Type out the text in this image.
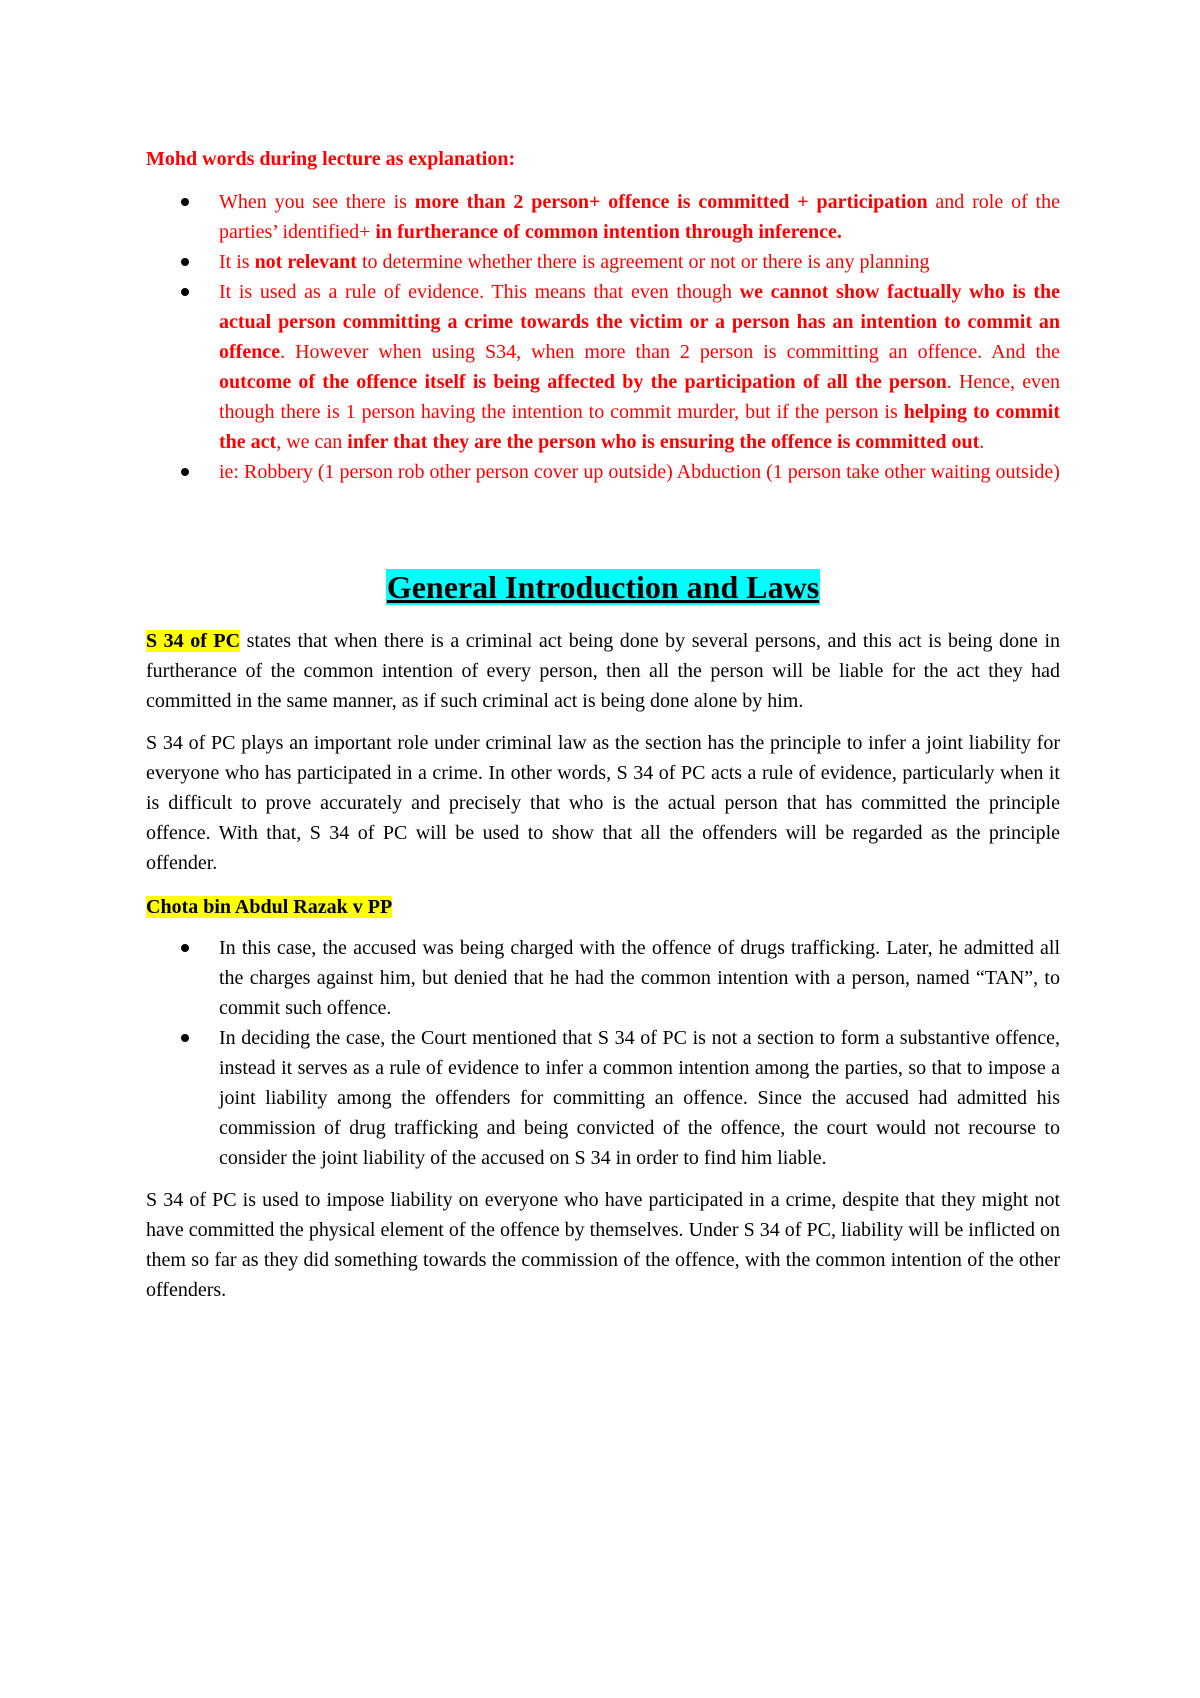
Mohd words during lecture as explanation:
When you see there is more than 2 person+ offence is committed + participation and role of the parties’ identified+ in furtherance of common intention through inference.
It is not relevant to determine whether there is agreement or not or there is any planning
It is used as a rule of evidence. This means that even though we cannot show factually who is the actual person committing a crime towards the victim or a person has an intention to commit an offence. However when using S34, when more than 2 person is committing an offence. And the outcome of the offence itself is being affected by the participation of all the person. Hence, even though there is 1 person having the intention to commit murder, but if the person is helping to commit the act, we can infer that they are the person who is ensuring the offence is committed out.
ie: Robbery (1 person rob other person cover up outside) Abduction (1 person take other waiting outside)
General Introduction and Laws

S 34 of PC states that when there is a criminal act being done by several persons, and this act is being done in furtherance of the common intention of every person, then all the person will be liable for the act they had committed in the same manner, as if such criminal act is being done alone by him.

S 34 of PC plays an important role under criminal law as the section has the principle to infer a joint liability for everyone who has participated in a crime. In other words, S 34 of PC acts a rule of evidence, particularly when it is difficult to prove accurately and precisely that who is the actual person that has committed the principle offence. With that, S 34 of PC will be used to show that all the offenders will be regarded as the principle offender.

Chota bin Abdul Razak v PP
In this case, the accused was being charged with the offence of drugs trafficking. Later, he admitted all the charges against him, but denied that he had the common intention with a person, named “TAN”, to commit such offence.
In deciding the case, the Court mentioned that S 34 of PC is not a section to form a substantive offence, instead it serves as a rule of evidence to infer a common intention among the parties, so that to impose a joint liability among the offenders for committing an offence. Since the accused had admitted his commission of drug trafficking and being convicted of the offence, the court would not recourse to consider the joint liability of the accused on S 34 in order to find him liable.

S 34 of PC is used to impose liability on everyone who have participated in a crime, despite that they might not have committed the physical element of the offence by themselves. Under S 34 of PC, liability will be inflicted on them so far as they did something towards the commission of the offence, with the common intention of the other offenders.
